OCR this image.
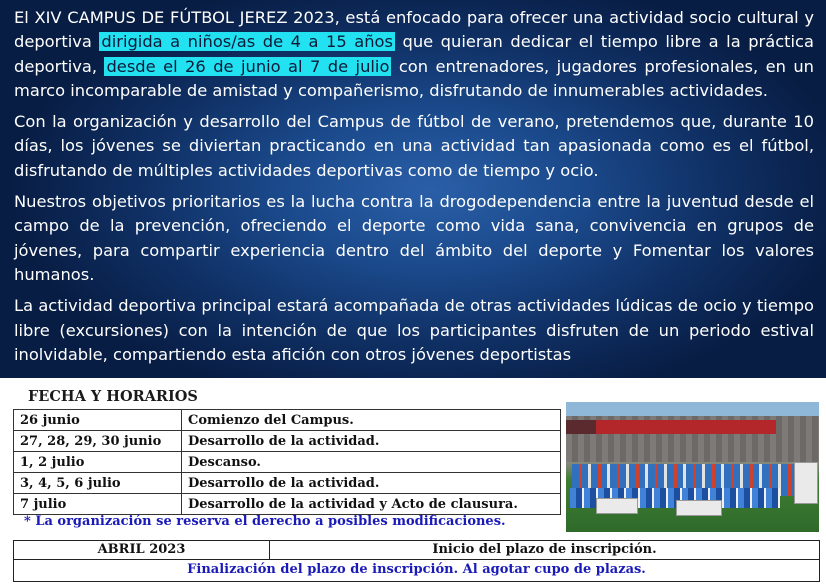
El XIV CAMPUS DE FÚTBOL JEREZ 2023, está enfocado para ofrecer una actividad socio cultural y deportiva dirigida a niños/as de 4 a 15 años que quieran dedicar el tiempo libre a la práctica deportiva, desde el 26 de junio al 7 de julio con entrenadores, jugadores profesionales, en un marco incomparable de amistad y compañerismo, disfrutando de innumerables actividades.

Con la organización y desarrollo del Campus de fútbol de verano, pretendemos que, durante 10 días, los jóvenes se diviertan practicando en una actividad tan apasionada como es el fútbol, disfrutando de múltiples actividades deportivas como de tiempo y ocio.

Nuestros objetivos prioritarios es la lucha contra la drogodependencia entre la juventud desde el campo de la prevención, ofreciendo el deporte como vida sana, convivencia en grupos de jóvenes, para compartir experiencia dentro del ámbito del deporte y Fomentar los valores humanos.

La actividad deportiva principal estará acompañada de otras actividades lúdicas de ocio y tiempo libre (excursiones) con la intención de que los participantes disfruten de un periodo estival inolvidable, compartiendo esta afición con otros jóvenes deportistas

FECHA Y HORARIOS
26 junio	Comienzo del Campus.
27, 28, 29, 30 junio	Desarrollo de la actividad.
1, 2 julio	Descanso.
3, 4, 5, 6 julio	Desarrollo de la actividad.
7 julio	Desarrollo de la actividad y Acto de clausura.
* La organización se reserva el derecho a posibles modificaciones.
ABRIL 2023	Inicio del plazo de inscripción.
Finalización del plazo de inscripción. Al agotar cupo de plazas.
